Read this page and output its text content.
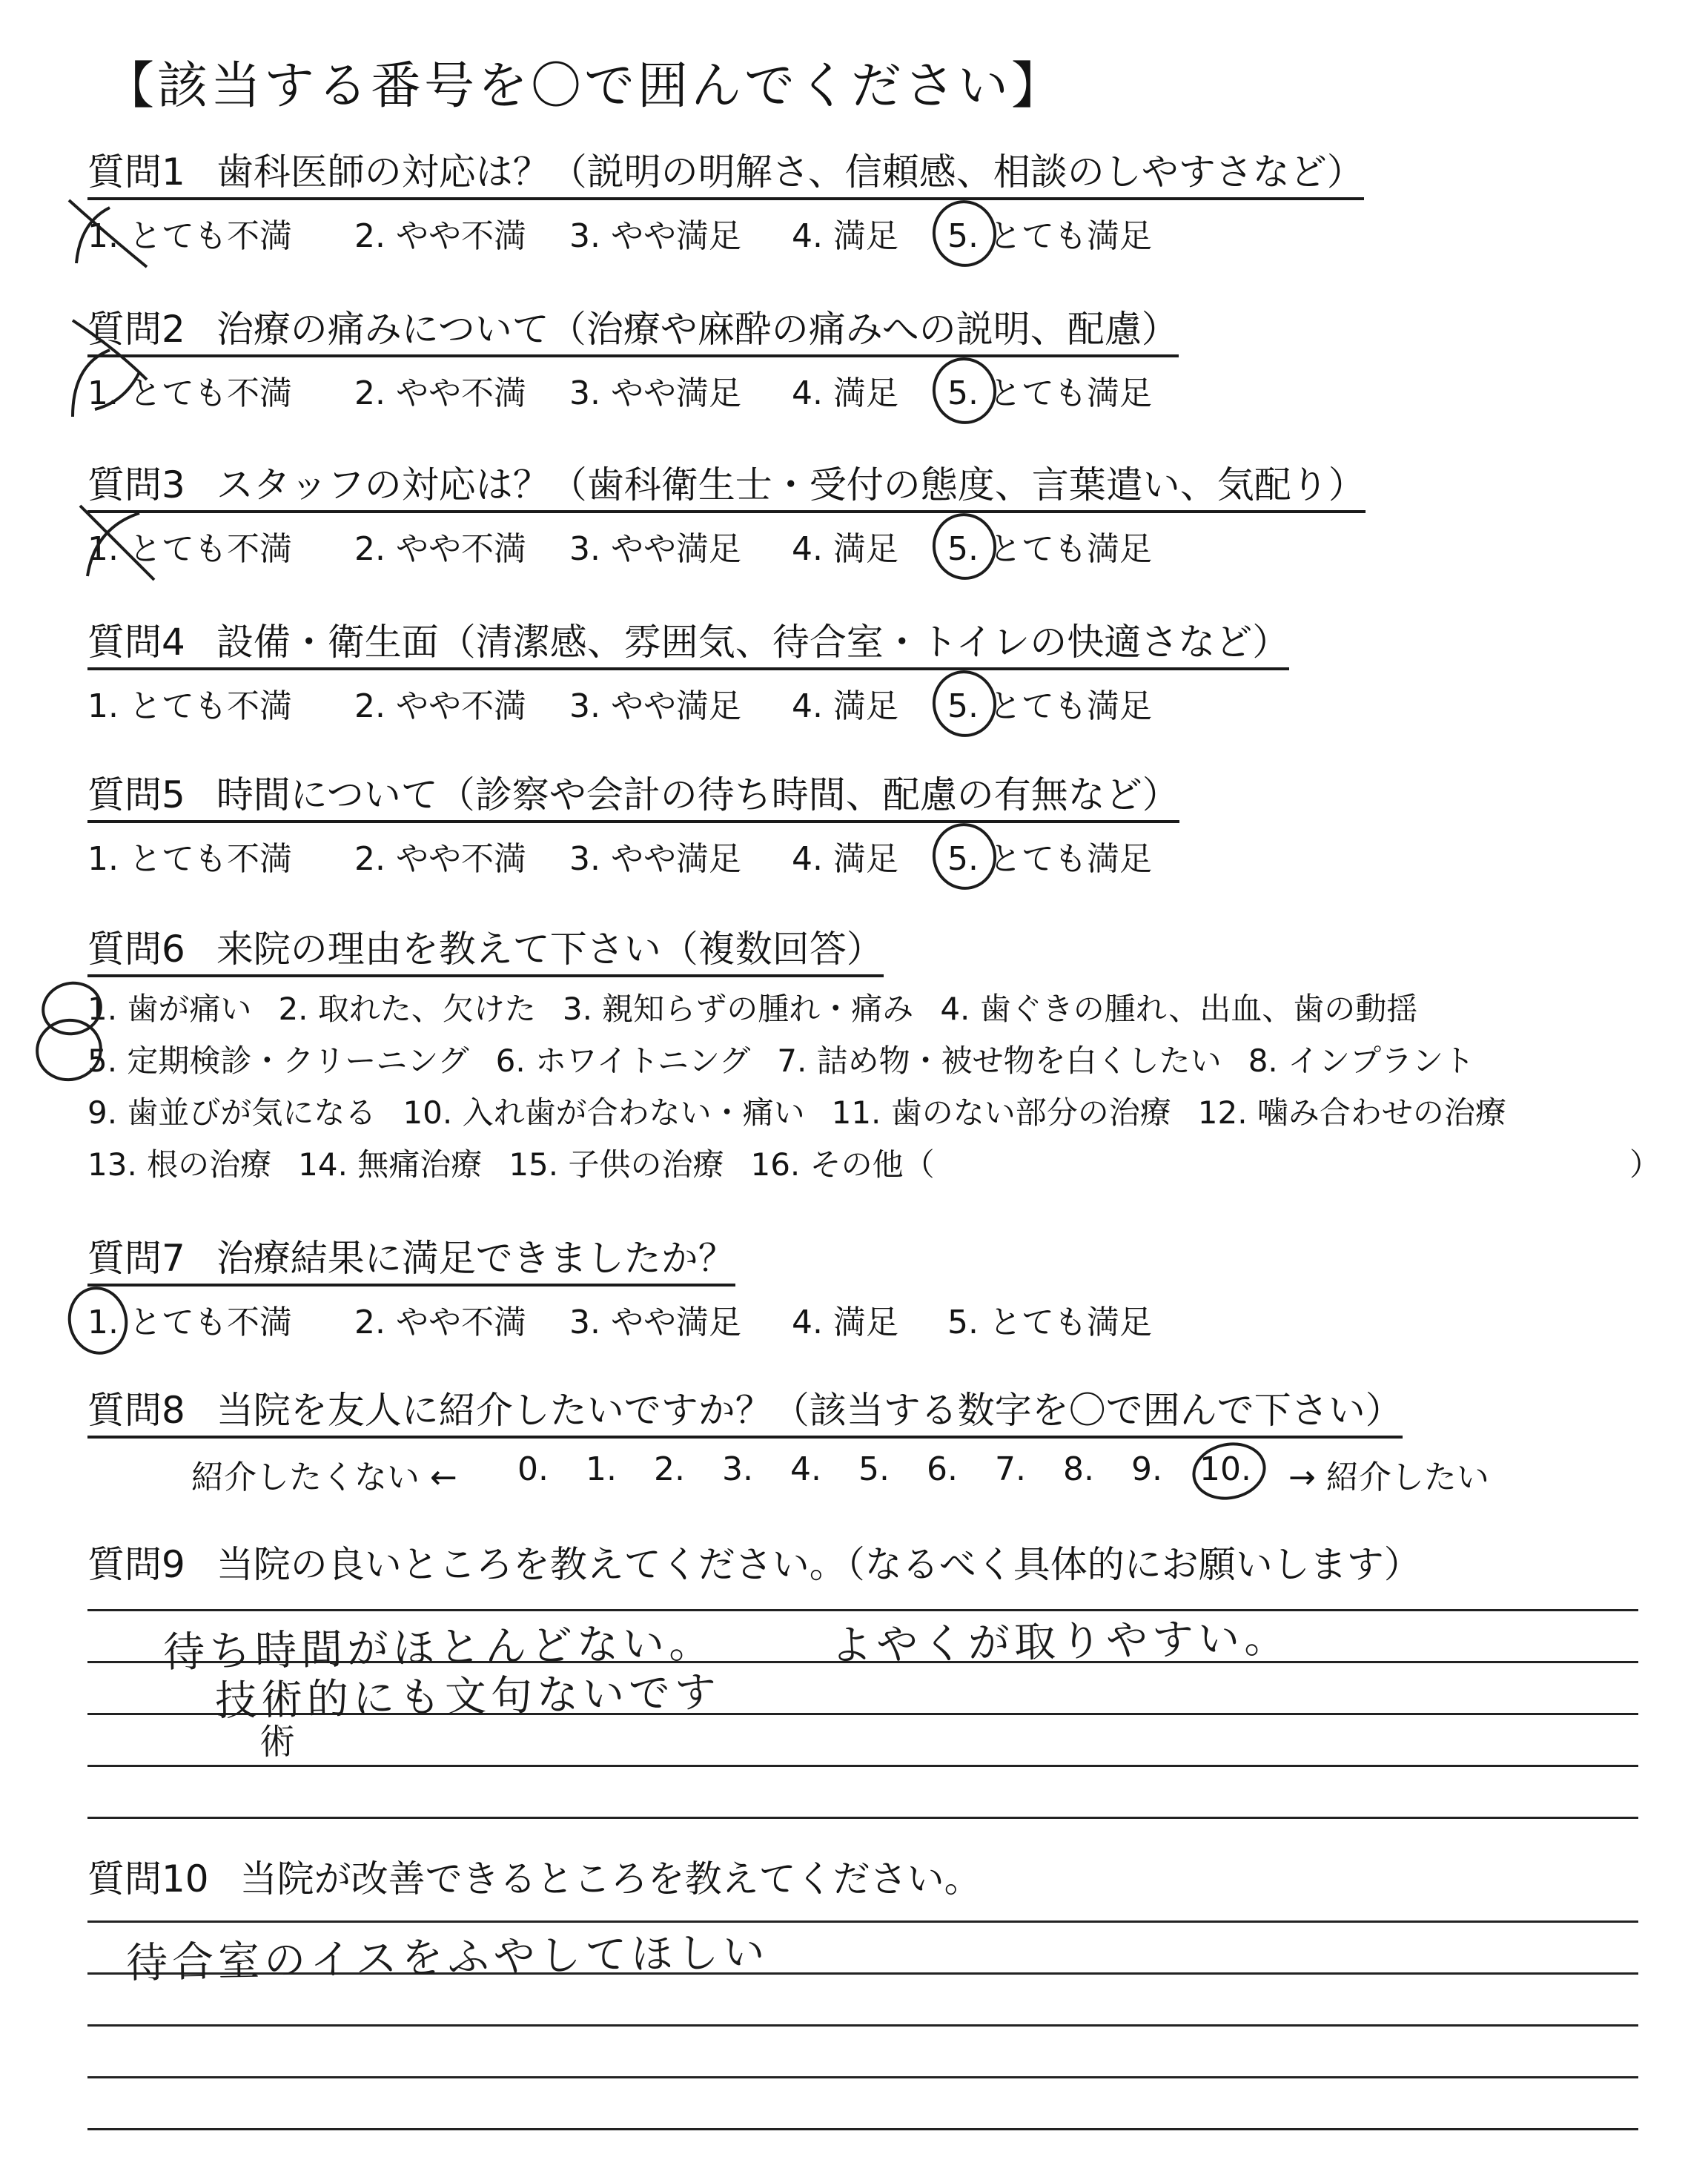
【該当する番号を〇で囲んでください】
質問1 歯科医師の対応は？（説明の明解さ、信頼感、相談のしやすさなど）
1. とても不満 2. やや不満 3. やや満足 4. 満足 5. とても満足
質問2 治療の痛みについて（治療や麻酔の痛みへの説明、配慮）
1. とても不満 2. やや不満 3. やや満足 4. 満足 5. とても満足
質問3 スタッフの対応は？（歯科衛生士・受付の態度、言葉遣い、気配り）
1. とても不満 2. やや不満 3. やや満足 4. 満足 5. とても満足
質問4 設備・衛生面（清潔感、雰囲気、待合室・トイレの快適さなど）
1. とても不満 2. やや不満 3. やや満足 4. 満足 5. とても満足
質問5 時間について（診察や会計の待ち時間、配慮の有無など）
1. とても不満 2. やや不満 3. やや満足 4. 満足 5. とても満足
質問6 来院の理由を教えて下さい（複数回答）
1. 歯が痛い 2. 取れた、欠けた 3. 親知らずの腫れ・痛み 4. 歯ぐきの腫れ、出血、歯の動揺
5. 定期検診・クリーニング 6. ホワイトニング 7. 詰め物・被せ物を白くしたい 8. インプラント
9. 歯並びが気になる 10. 入れ歯が合わない・痛い 11. 歯のない部分の治療 12. 噛み合わせの治療
13. 根の治療 14. 無痛治療 15. 子供の治療 16. その他（	）
質問7 治療結果に満足できましたか？
1. とても不満 2. やや不満 3. やや満足 4. 満足 5. とても満足
質問8 当院を友人に紹介したいですか？（該当する数字を〇で囲んで下さい）
紹介したくない ← 0. 1. 2. 3. 4. 5. 6. 7. 8. 9. 10. → 紹介したい
質問9 当院の良いところを教えてください。（なるべく具体的にお願いします）
待ち時間がほとんどない。	よやくが取りやすい。
技術的にも文句ないです
術
質問10 当院が改善できるところを教えてください。
待合室のイスをふやしてほしい
